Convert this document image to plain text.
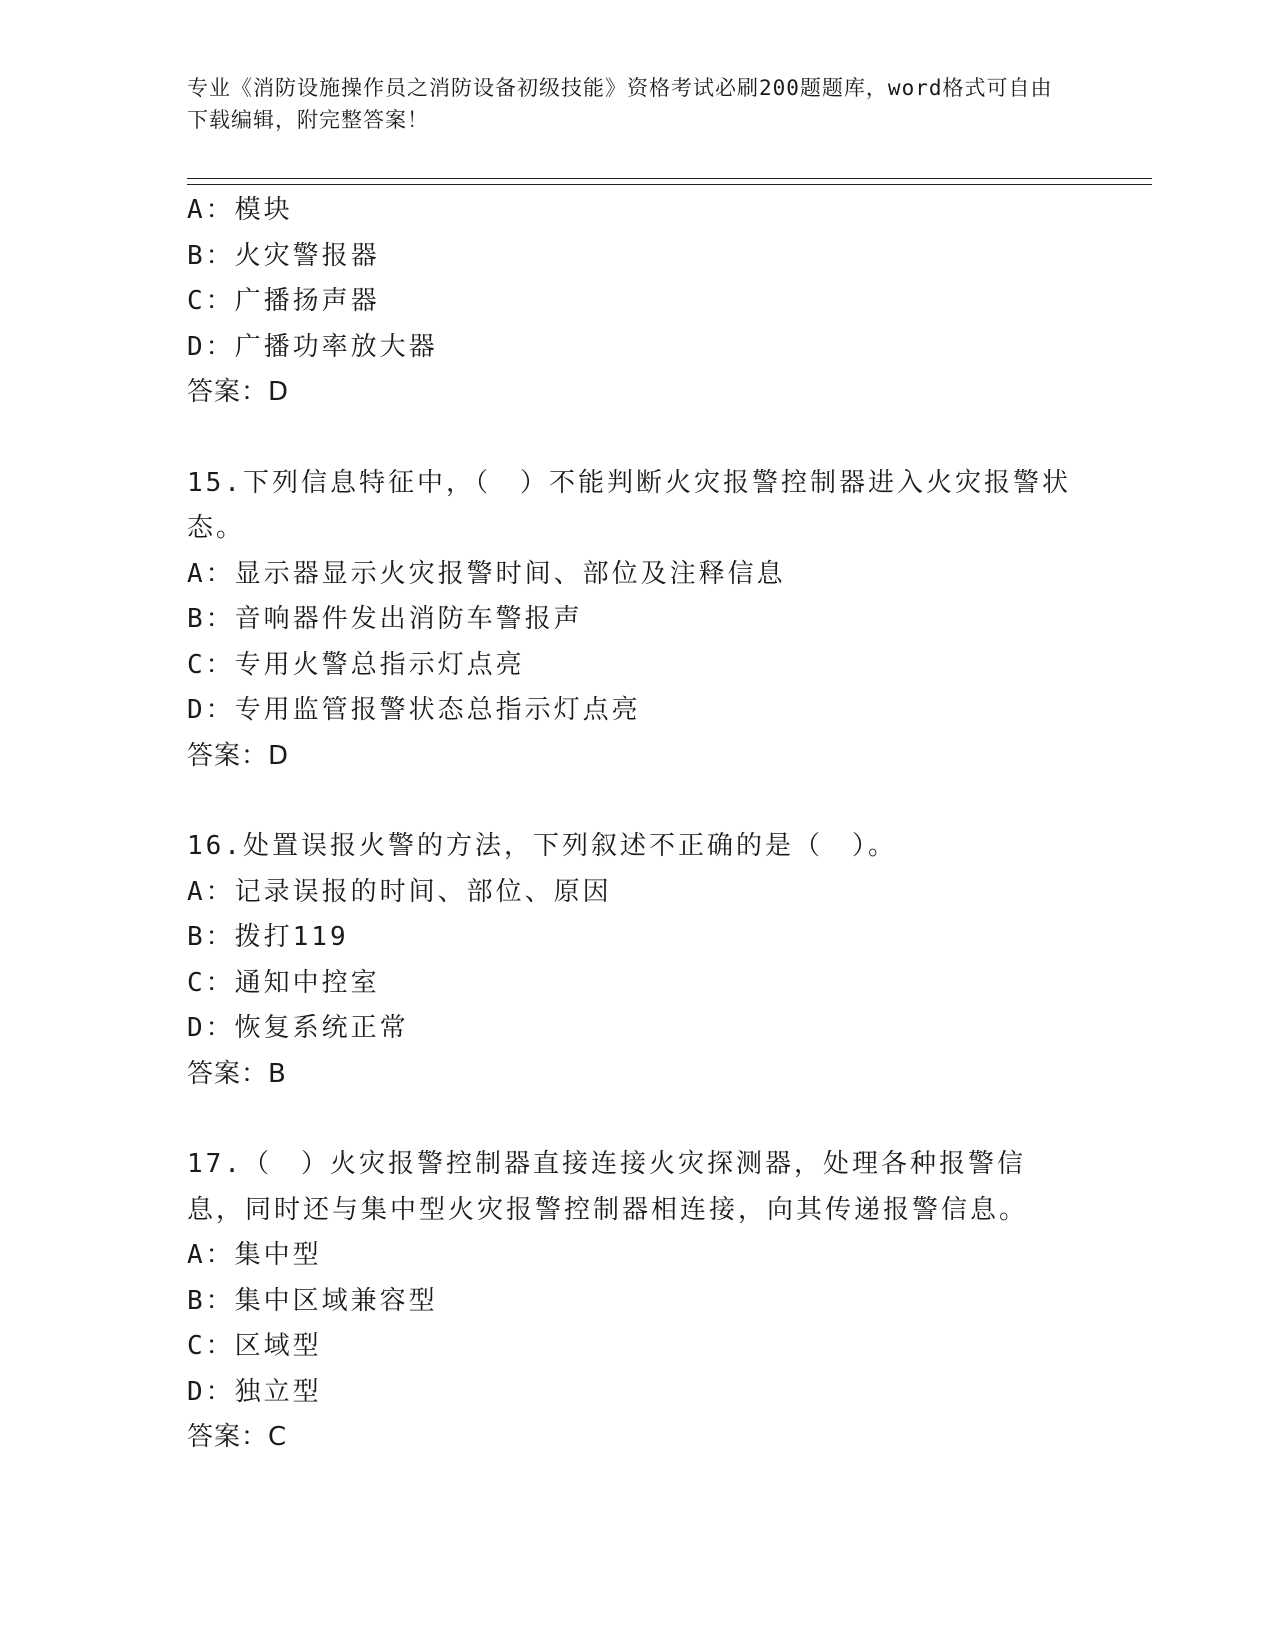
专业《消防设施操作员之消防设备初级技能》资格考试必刷200题题库，word格式可自由下载编辑，附完整答案！
A：模块
B：火灾警报器
C：广播扬声器
D：广播功率放大器
答案：D
15.下列信息特征中，（　）不能判断火灾报警控制器进入火灾报警状态。
A：显示器显示火灾报警时间、部位及注释信息
B：音响器件发出消防车警报声
C：专用火警总指示灯点亮
D：专用监管报警状态总指示灯点亮
答案：D
16.处置误报火警的方法，下列叙述不正确的是（　）。
A：记录误报的时间、部位、原因
B：拨打119
C：通知中控室
D：恢复系统正常
答案：B
17.（　）火灾报警控制器直接连接火灾探测器，处理各种报警信息，同时还与集中型火灾报警控制器相连接，向其传递报警信息。
A：集中型
B：集中区域兼容型
C：区域型
D：独立型
答案：C
